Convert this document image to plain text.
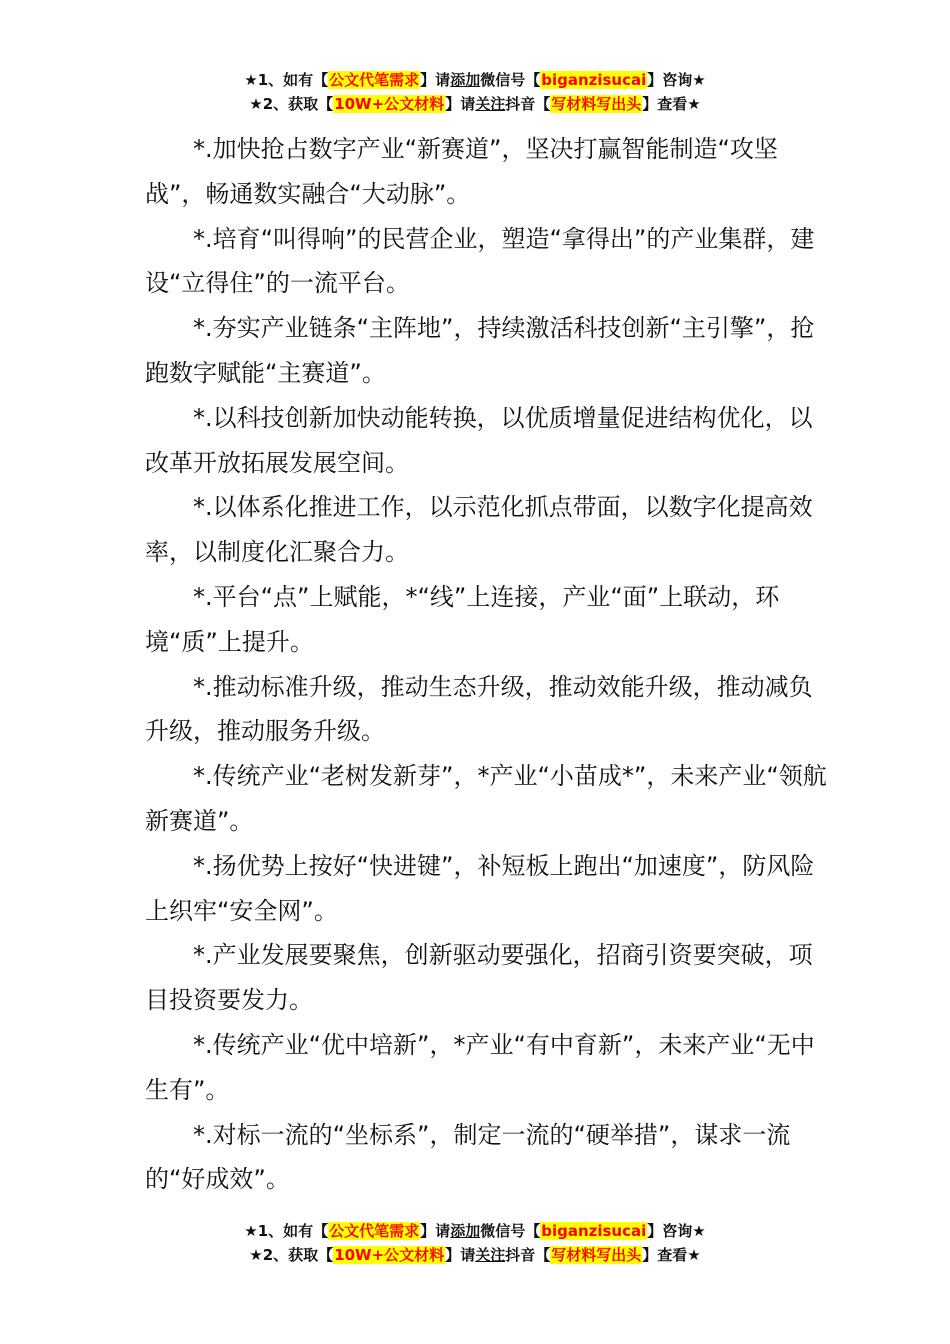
★1、如有【公文代笔需求】请添加微信号【biganzisucai】咨询★
★2、获取【10W+公文材料】请关注抖音【写材料写出头】查看★

*.加快抢占数字产业“新赛道”，坚决打赢智能制造“攻坚战”，畅通数实融合“大动脉”。

*.培育“叫得响”的民营企业，塑造“拿得出”的产业集群，建设“立得住”的一流平台。

*.夯实产业链条“主阵地”，持续激活科技创新“主引擎”，抢跑数字赋能“主赛道”。

*.以科技创新加快动能转换，以优质增量促进结构优化，以改革开放拓展发展空间。

*.以体系化推进工作，以示范化抓点带面，以数字化提高效率，以制度化汇聚合力。

*.平台“点”上赋能，*“线”上连接，产业“面”上联动，环境“质”上提升。

*.推动标准升级，推动生态升级，推动效能升级，推动减负升级，推动服务升级。

*.传统产业“老树发新芽”，*产业“小苗成*”，未来产业“领航新赛道”。

*.扬优势上按好“快进键”，补短板上跑出“加速度”，防风险上织牢“安全网”。

*.产业发展要聚焦，创新驱动要强化，招商引资要突破，项目投资要发力。

*.传统产业“优中培新”，*产业“有中育新”，未来产业“无中生有”。

*.对标一流的“坐标系”，制定一流的“硬举措”，谋求一流的“好成效”。

★1、如有【公文代笔需求】请添加微信号【biganzisucai】咨询★
★2、获取【10W+公文材料】请关注抖音【写材料写出头】查看★
